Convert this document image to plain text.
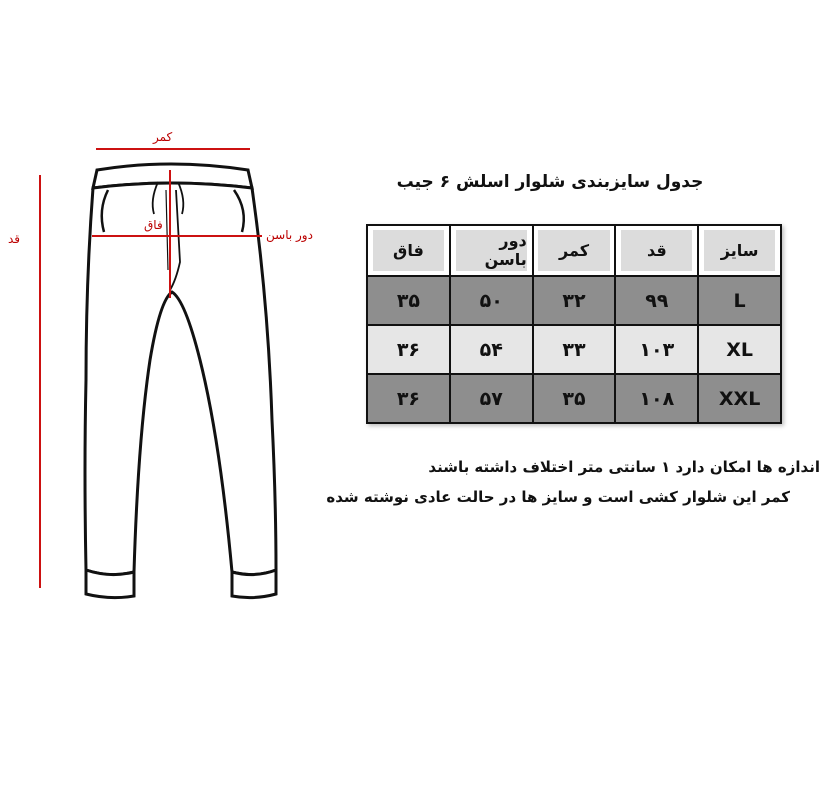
کمر
قد
فاق
دور باسن
جدول سایزبندی شلوار اسلش ۶ جیب
سایز
قد
کمر
دور باسن
فاق
L
۹۹
۳۲
۵۰
۳۵
XL
۱۰۳
۳۳
۵۴
۳۶
XXL
۱۰۸
۳۵
۵۷
۳۶
اندازه ها امکان دارد ۱ سانتی متر اختلاف داشته باشند
کمر این شلوار کشی است و سایز ها در حالت عادی نوشته شده
